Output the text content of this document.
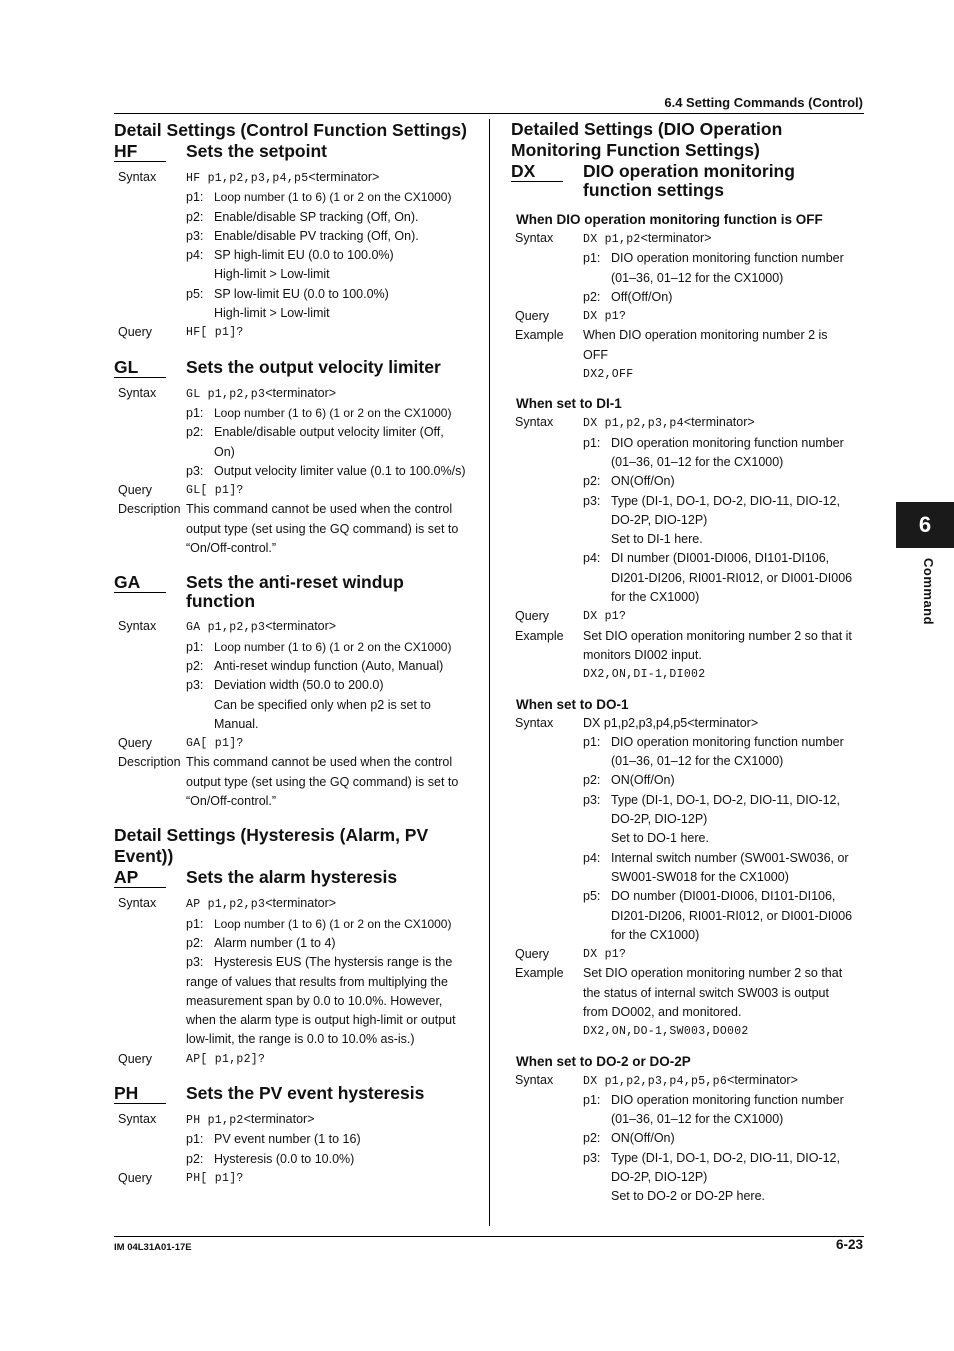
6.4 Setting Commands (Control)
Detail Settings (Control Function Settings)
HF	Sets the setpoint
Syntax	HF p1,p2,p3,p4,p5<terminator>
p1: Loop number (1 to 6) (1 or 2 on the CX1000)
p2: Enable/disable SP tracking (Off, On).
p3: Enable/disable PV tracking (Off, On).
p4: SP high-limit EU (0.0 to 100.0%)
High-limit > Low-limit
p5: SP low-limit EU (0.0 to 100.0%)
High-limit > Low-limit
Query	HF[ p1]?
GL	Sets the output velocity limiter
Syntax	GL p1,p2,p3<terminator>
p1: Loop number (1 to 6) (1 or 2 on the CX1000)
p2: Enable/disable output velocity limiter (Off,
On)
p3: Output velocity limiter value (0.1 to 100.0%/s)
Query	GL[ p1]?
Description This command cannot be used when the control
output type (set using the GQ command) is set to
“On/Off-control.”
GA	Sets the anti-reset windup function
Syntax	GA p1,p2,p3<terminator>
p1: Loop number (1 to 6) (1 or 2 on the CX1000)
p2: Anti-reset windup function (Auto, Manual)
p3: Deviation width (50.0 to 200.0)
Can be specified only when p2 is set to
Manual.
Query	GA[ p1]?
Description This command cannot be used when the control
output type (set using the GQ command) is set to
“On/Off-control.”
Detail Settings (Hysteresis (Alarm, PV Event))
AP	Sets the alarm hysteresis
Syntax	AP p1,p2,p3<terminator>
p1: Loop number (1 to 6) (1 or 2 on the CX1000)
p2: Alarm number (1 to 4)
p3: Hysteresis EUS (The hystersis range is the
range of values that results from multiplying the
measurement span by 0.0 to 10.0%. However,
when the alarm type is output high-limit or output
low-limit, the range is 0.0 to 10.0% as-is.)
Query	AP[ p1,p2]?
PH	Sets the PV event hysteresis
Syntax	PH p1,p2<terminator>
p1: PV event number (1 to 16)
p2: Hysteresis (0.0 to 10.0%)
Query	PH[ p1]?
Detailed Settings (DIO Operation Monitoring Function Settings)
DX	DIO operation monitoring function settings
When DIO operation monitoring function is OFF
Syntax	DX p1,p2<terminator>
p1: DIO operation monitoring function number
(01–36, 01–12 for the CX1000)
p2: Off(Off/On)
Query	DX p1?
Example	When DIO operation monitoring number 2 is
OFF
DX2,OFF
When set to DI-1
Syntax	DX p1,p2,p3,p4<terminator>
p1: DIO operation monitoring function number
(01–36, 01–12 for the CX1000)
p2: ON(Off/On)
p3: Type (DI-1, DO-1, DO-2, DIO-11, DIO-12,
DO-2P, DIO-12P)
Set to DI-1 here.
p4: DI number (DI001-DI006, DI101-DI106,
DI201-DI206, RI001-RI012, or DI001-DI006
for the CX1000)
Query	DX p1?
Example	Set DIO operation monitoring number 2 so that it
monitors DI002 input.
DX2,ON,DI-1,DI002
When set to DO-1
Syntax	DX p1,p2,p3,p4,p5<terminator>
p1: DIO operation monitoring function number
(01–36, 01–12 for the CX1000)
p2: ON(Off/On)
p3: Type (DI-1, DO-1, DO-2, DIO-11, DIO-12,
DO-2P, DIO-12P)
Set to DO-1 here.
p4: Internal switch number (SW001-SW036, or
SW001-SW018 for the CX1000)
p5: DO number (DI001-DI006, DI101-DI106,
DI201-DI206, RI001-RI012, or DI001-DI006
for the CX1000)
Query	DX p1?
Example	Set DIO operation monitoring number 2 so that
the status of internal switch SW003 is output
from DO002, and monitored.
DX2,ON,DO-1,SW003,DO002
When set to DO-2 or DO-2P
Syntax	DX p1,p2,p3,p4,p5,p6<terminator>
p1: DIO operation monitoring function number
(01–36, 01–12 for the CX1000)
p2: ON(Off/On)
p3: Type (DI-1, DO-1, DO-2, DIO-11, DIO-12,
DO-2P, DIO-12P)
Set to DO-2 or DO-2P here.
6
Command
IM 04L31A01-17E	6-23
